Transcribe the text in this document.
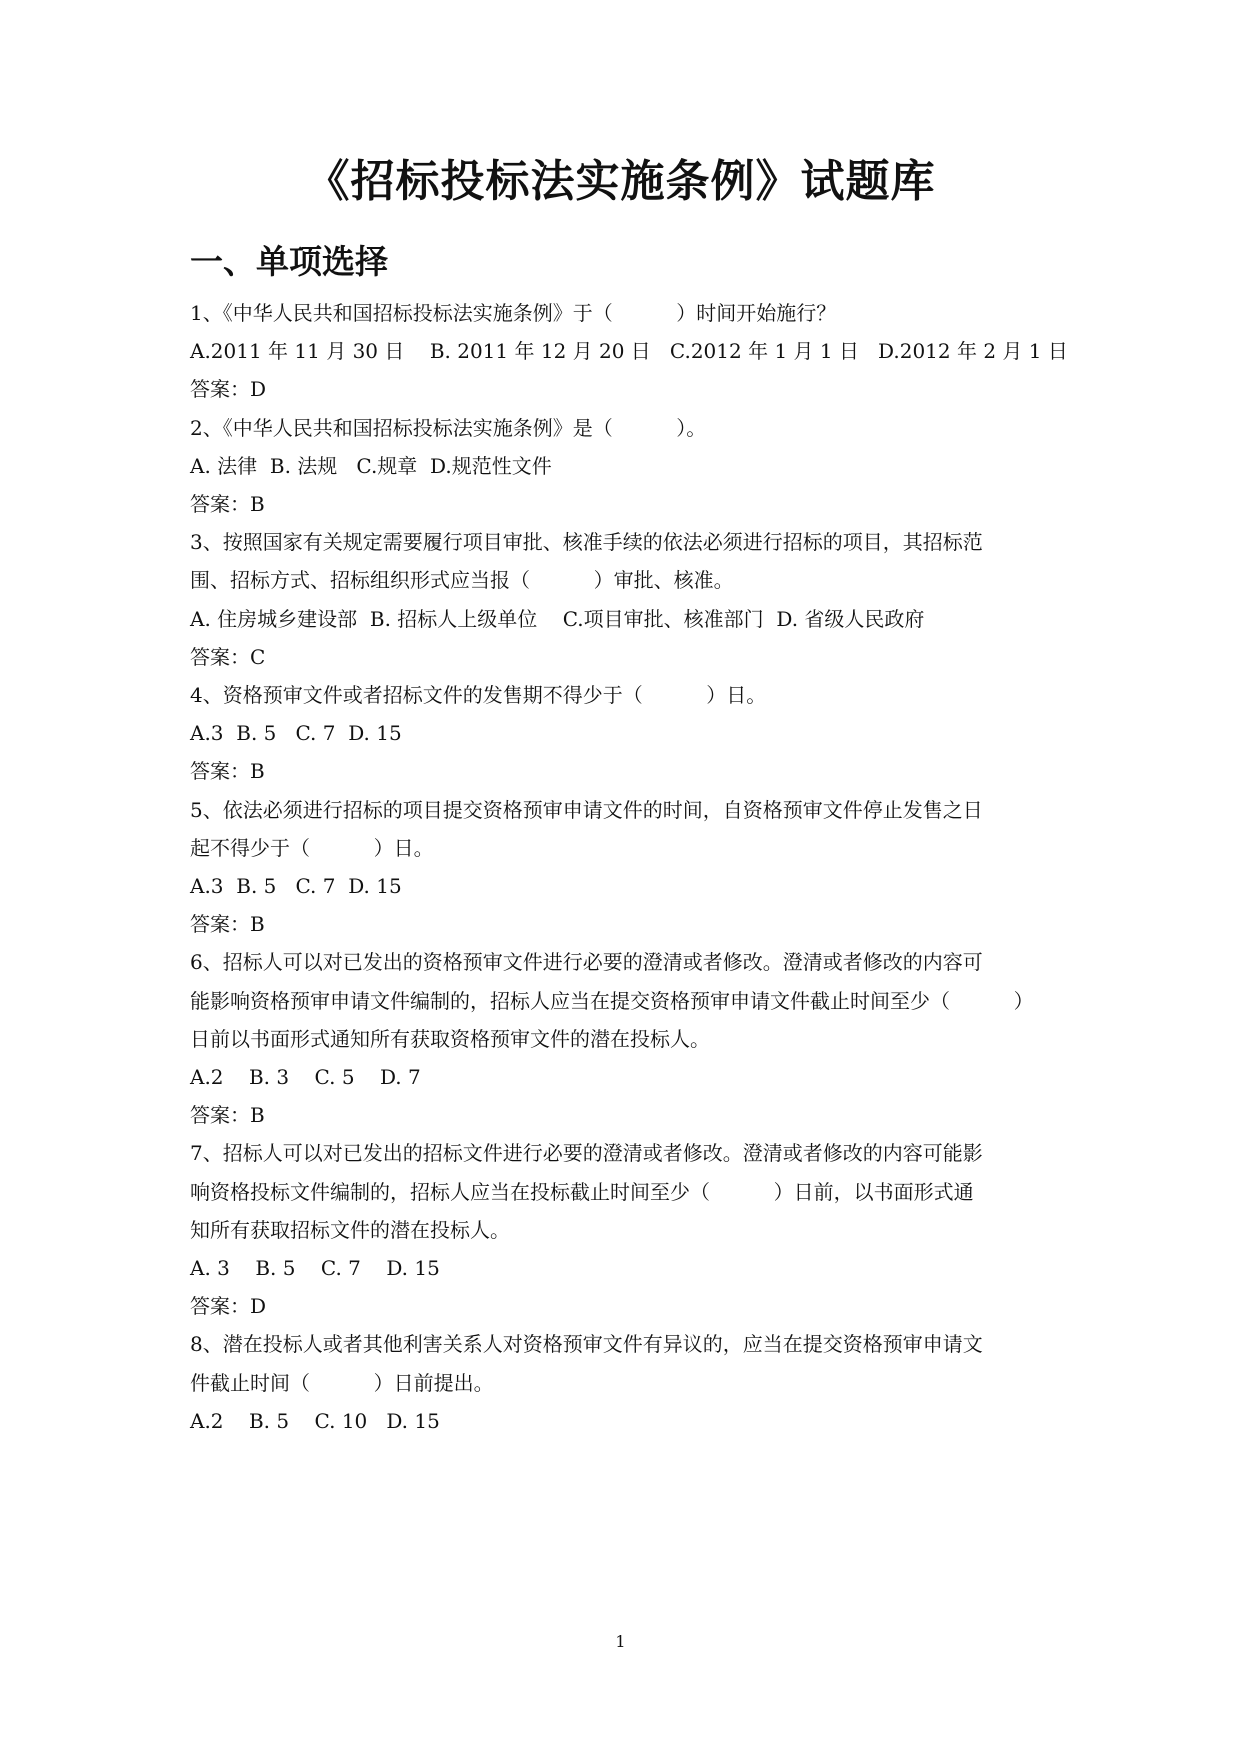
《招标投标法实施条例》试题库
一、单项选择
1、《中华人民共和国招标投标法实施条例》于（          ）时间开始施行？
A.2011 年 11 月 30 日    B. 2011 年 12 月 20 日   C.2012 年 1 月 1 日   D.2012 年 2 月 1 日
答案：D
2、《中华人民共和国招标投标法实施条例》是（          ）。
A. 法律  B. 法规   C.规章  D.规范性文件
答案：B
3、按照国家有关规定需要履行项目审批、核准手续的依法必须进行招标的项目，其招标范
围、招标方式、招标组织形式应当报（          ）审批、核准。
A. 住房城乡建设部  B. 招标人上级单位    C.项目审批、核准部门  D. 省级人民政府
答案：C
4、资格预审文件或者招标文件的发售期不得少于（          ）日。
A.3  B. 5   C. 7  D. 15
答案：B
5、依法必须进行招标的项目提交资格预审申请文件的时间，自资格预审文件停止发售之日
起不得少于（          ）日。
A.3  B. 5   C. 7  D. 15
答案：B
6、招标人可以对已发出的资格预审文件进行必要的澄清或者修改。澄清或者修改的内容可
能影响资格预审申请文件编制的，招标人应当在提交资格预审申请文件截止时间至少（          ）
日前以书面形式通知所有获取资格预审文件的潜在投标人。
A.2    B. 3    C. 5    D. 7
答案：B
7、招标人可以对已发出的招标文件进行必要的澄清或者修改。澄清或者修改的内容可能影
响资格投标文件编制的，招标人应当在投标截止时间至少（          ）日前，以书面形式通
知所有获取招标文件的潜在投标人。
A. 3    B. 5    C. 7    D. 15
答案：D
8、潜在投标人或者其他利害关系人对资格预审文件有异议的，应当在提交资格预审申请文
件截止时间（          ）日前提出。
A.2    B. 5    C. 10   D. 15
1
